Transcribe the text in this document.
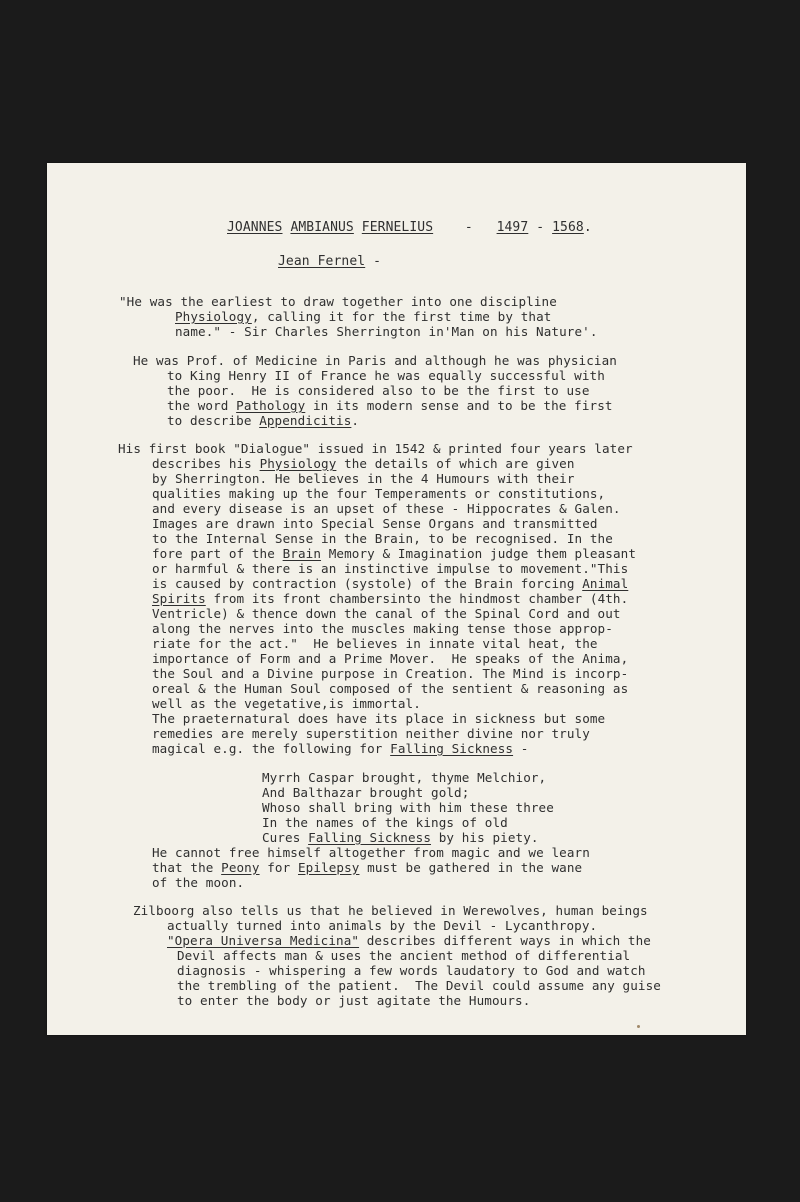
JOANNES AMBIANUS FERNELIUS - 1497 - 1568.
Jean Fernel -
"He was the earliest to draw together into one discipline
Physiology, calling it for the first time by that
name." - Sir Charles Sherrington in'Man on his Nature'.
He was Prof. of Medicine in Paris and although he was physician
to King Henry II of France he was equally successful with
the poor.  He is considered also to be the first to use
the word Pathology in its modern sense and to be the first
to describe Appendicitis.
His first book "Dialogue" issued in 1542 & printed four years later
describes his Physiology the details of which are given
by Sherrington. He believes in the 4 Humours with their
qualities making up the four Temperaments or constitutions,
and every disease is an upset of these - Hippocrates & Galen.
Images are drawn into Special Sense Organs and transmitted
to the Internal Sense in the Brain, to be recognised. In the
fore part of the Brain Memory & Imagination judge them pleasant
or harmful & there is an instinctive impulse to movement."This
is caused by contraction (systole) of the Brain forcing Animal
Spirits from its front chambersinto the hindmost chamber (4th.
Ventricle) & thence down the canal of the Spinal Cord and out
along the nerves into the muscles making tense those approp-
riate for the act."  He believes in innate vital heat, the
importance of Form and a Prime Mover.  He speaks of the Anima,
the Soul and a Divine purpose in Creation. The Mind is incorp-
oreal & the Human Soul composed of the sentient & reasoning as
well as the vegetative,is immortal.
The praeternatural does have its place in sickness but some
remedies are merely superstition neither divine nor truly
magical e.g. the following for Falling Sickness -
Myrrh Caspar brought, thyme Melchior,
And Balthazar brought gold;
Whoso shall bring with him these three
In the names of the kings of old
Cures Falling Sickness by his piety.
He cannot free himself altogether from magic and we learn
that the Peony for Epilepsy must be gathered in the wane
of the moon.
Zilboorg also tells us that he believed in Werewolves, human beings
actually turned into animals by the Devil - Lycanthropy.
"Opera Universa Medicina" describes different ways in which the
Devil affects man & uses the ancient method of differential
diagnosis - whispering a few words laudatory to God and watch
the trembling of the patient.  The Devil could assume any guise
to enter the body or just agitate the Humours.
